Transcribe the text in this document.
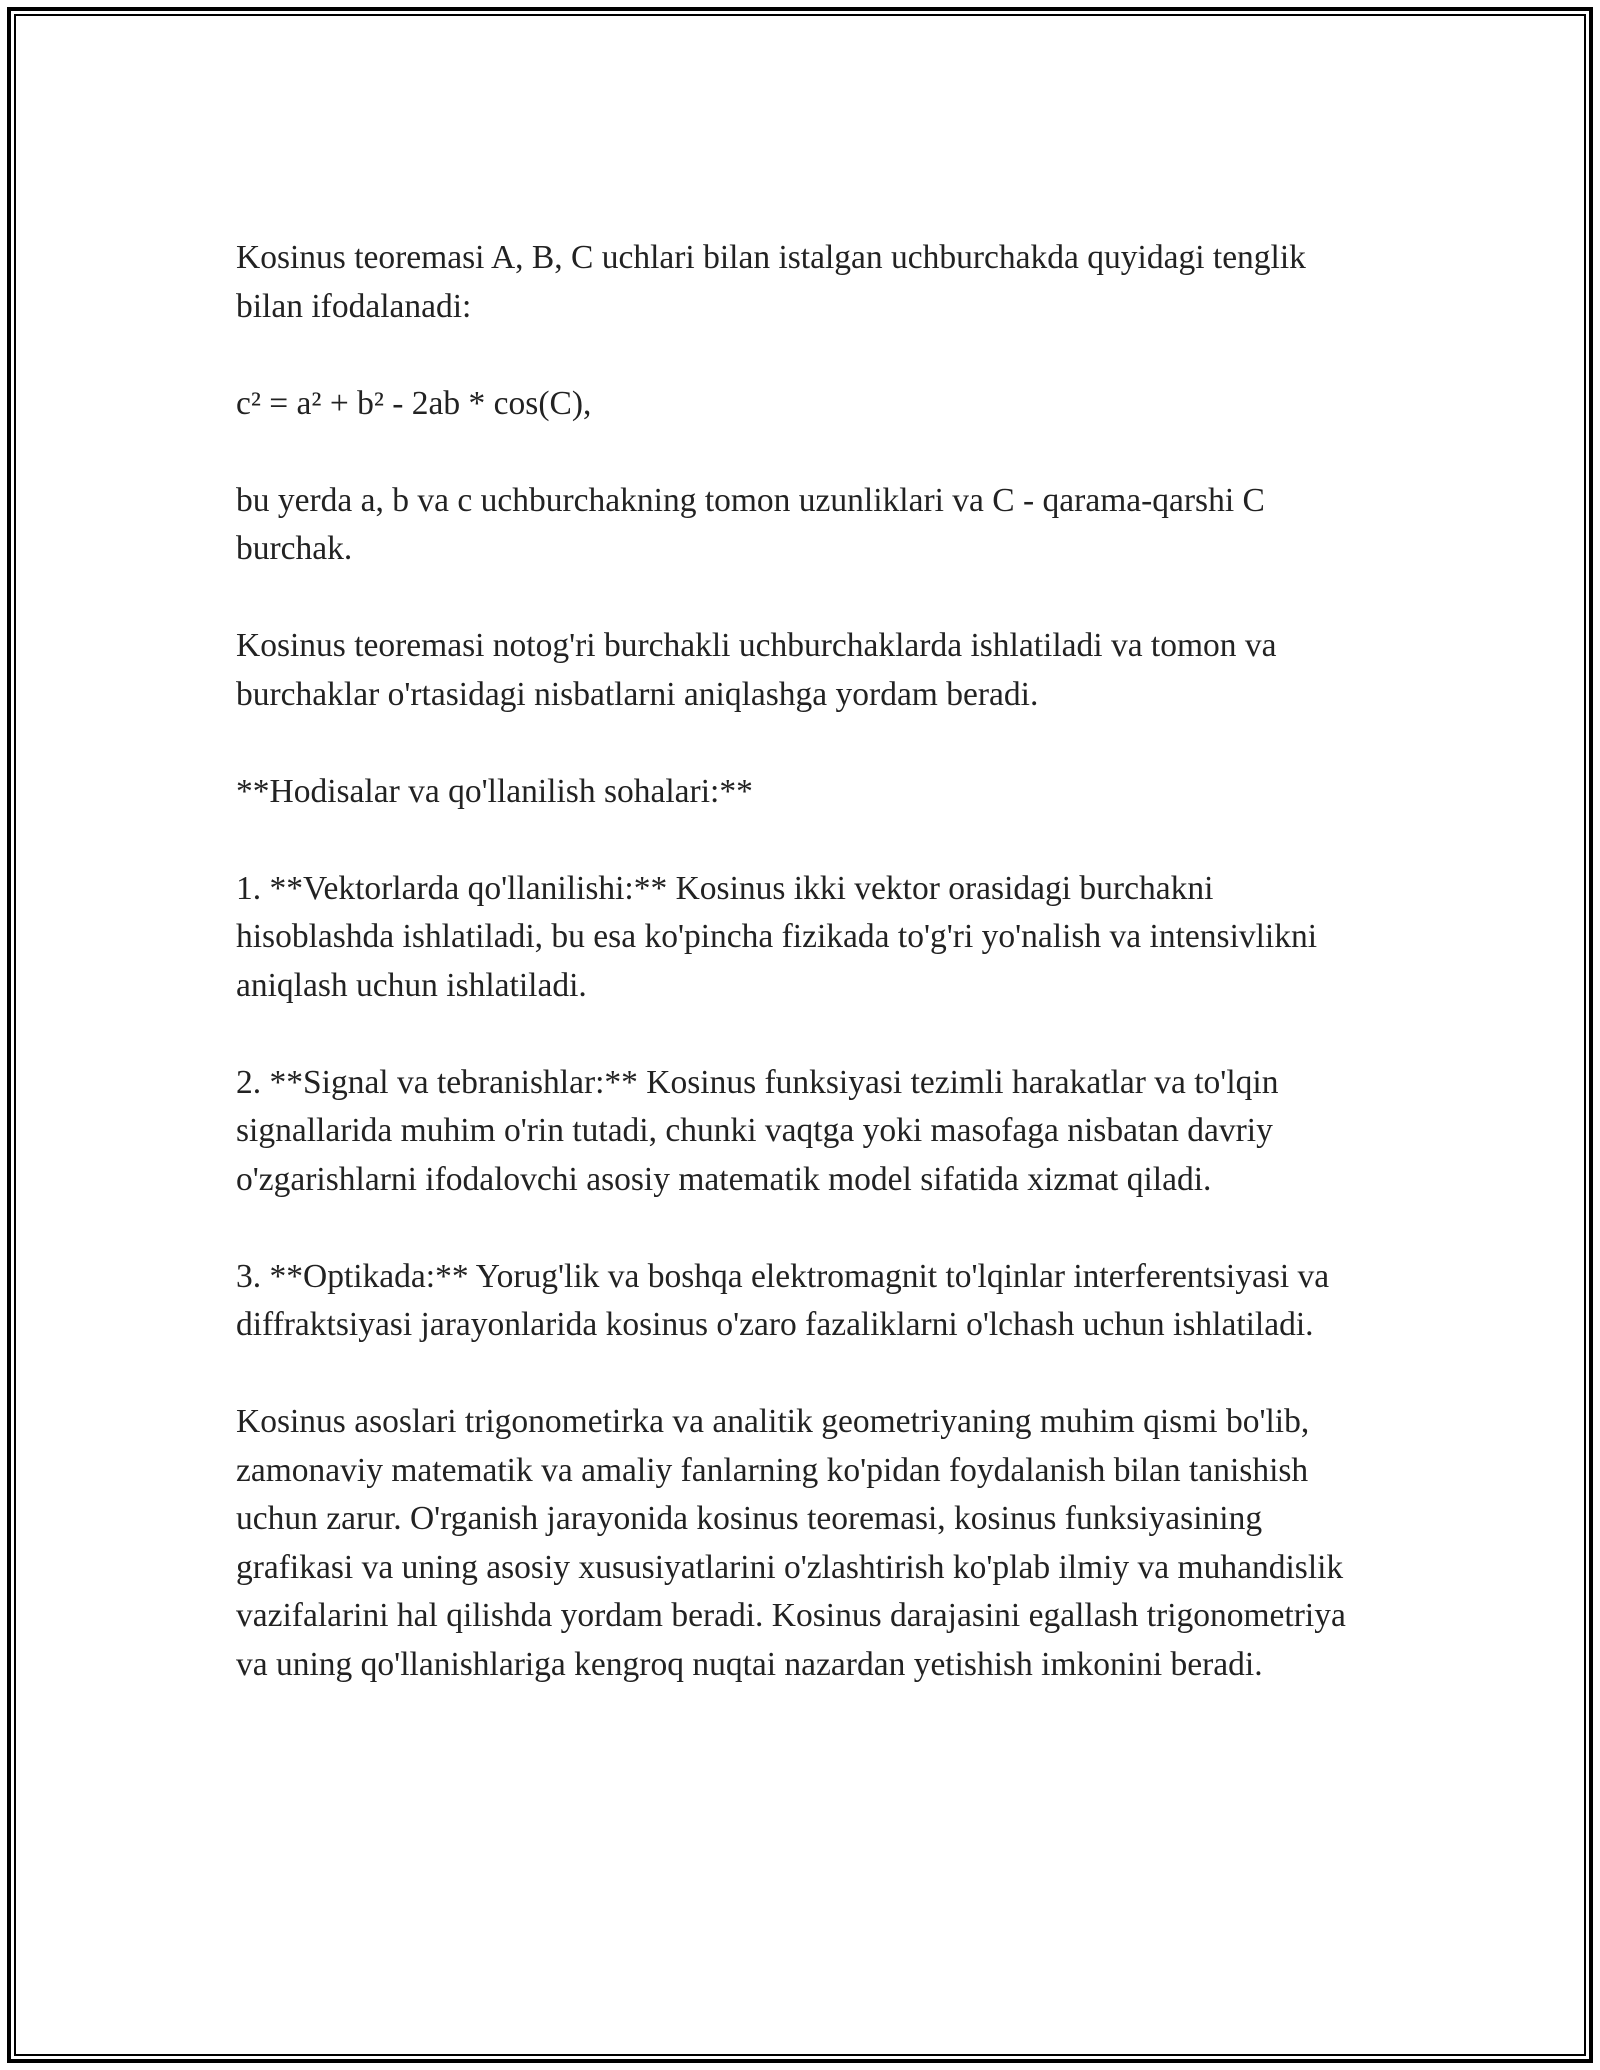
Kosinus teoremasi A, B, C uchlari bilan istalgan uchburchakda quyidagi tenglik bilan ifodalanadi:

c² = a² + b² - 2ab * cos(C),

bu yerda a, b va c uchburchakning tomon uzunliklari va C - qarama-qarshi C burchak.

Kosinus teoremasi notog'ri burchakli uchburchaklarda ishlatiladi va tomon va burchaklar o'rtasidagi nisbatlarni aniqlashga yordam beradi.

**Hodisalar va qo'llanilish sohalari:**

1. **Vektorlarda qo'llanilishi:** Kosinus ikki vektor orasidagi burchakni hisoblashda ishlatiladi, bu esa ko'pincha fizikada to'g'ri yo'nalish va intensivlikni aniqlash uchun ishlatiladi.

2. **Signal va tebranishlar:** Kosinus funksiyasi tezimli harakatlar va to'lqin signallarida muhim o'rin tutadi, chunki vaqtga yoki masofaga nisbatan davriy o'zgarishlarni ifodalovchi asosiy matematik model sifatida xizmat qiladi.

3. **Optikada:** Yorug'lik va boshqa elektromagnit to'lqinlar interferentsiyasi va diffraktsiyasi jarayonlarida kosinus o'zaro fazaliklarni o'lchash uchun ishlatiladi.

Kosinus asoslari trigonometirka va analitik geometriyaning muhim qismi bo'lib, zamonaviy matematik va amaliy fanlarning ko'pidan foydalanish bilan tanishish uchun zarur. O'rganish jarayonida kosinus teoremasi, kosinus funksiyasining grafikasi va uning asosiy xususiyatlarini o'zlashtirish ko'plab ilmiy va muhandislik vazifalarini hal qilishda yordam beradi. Kosinus darajasini egallash trigonometriya va uning qo'llanishlariga kengroq nuqtai nazardan yetishish imkonini beradi.
